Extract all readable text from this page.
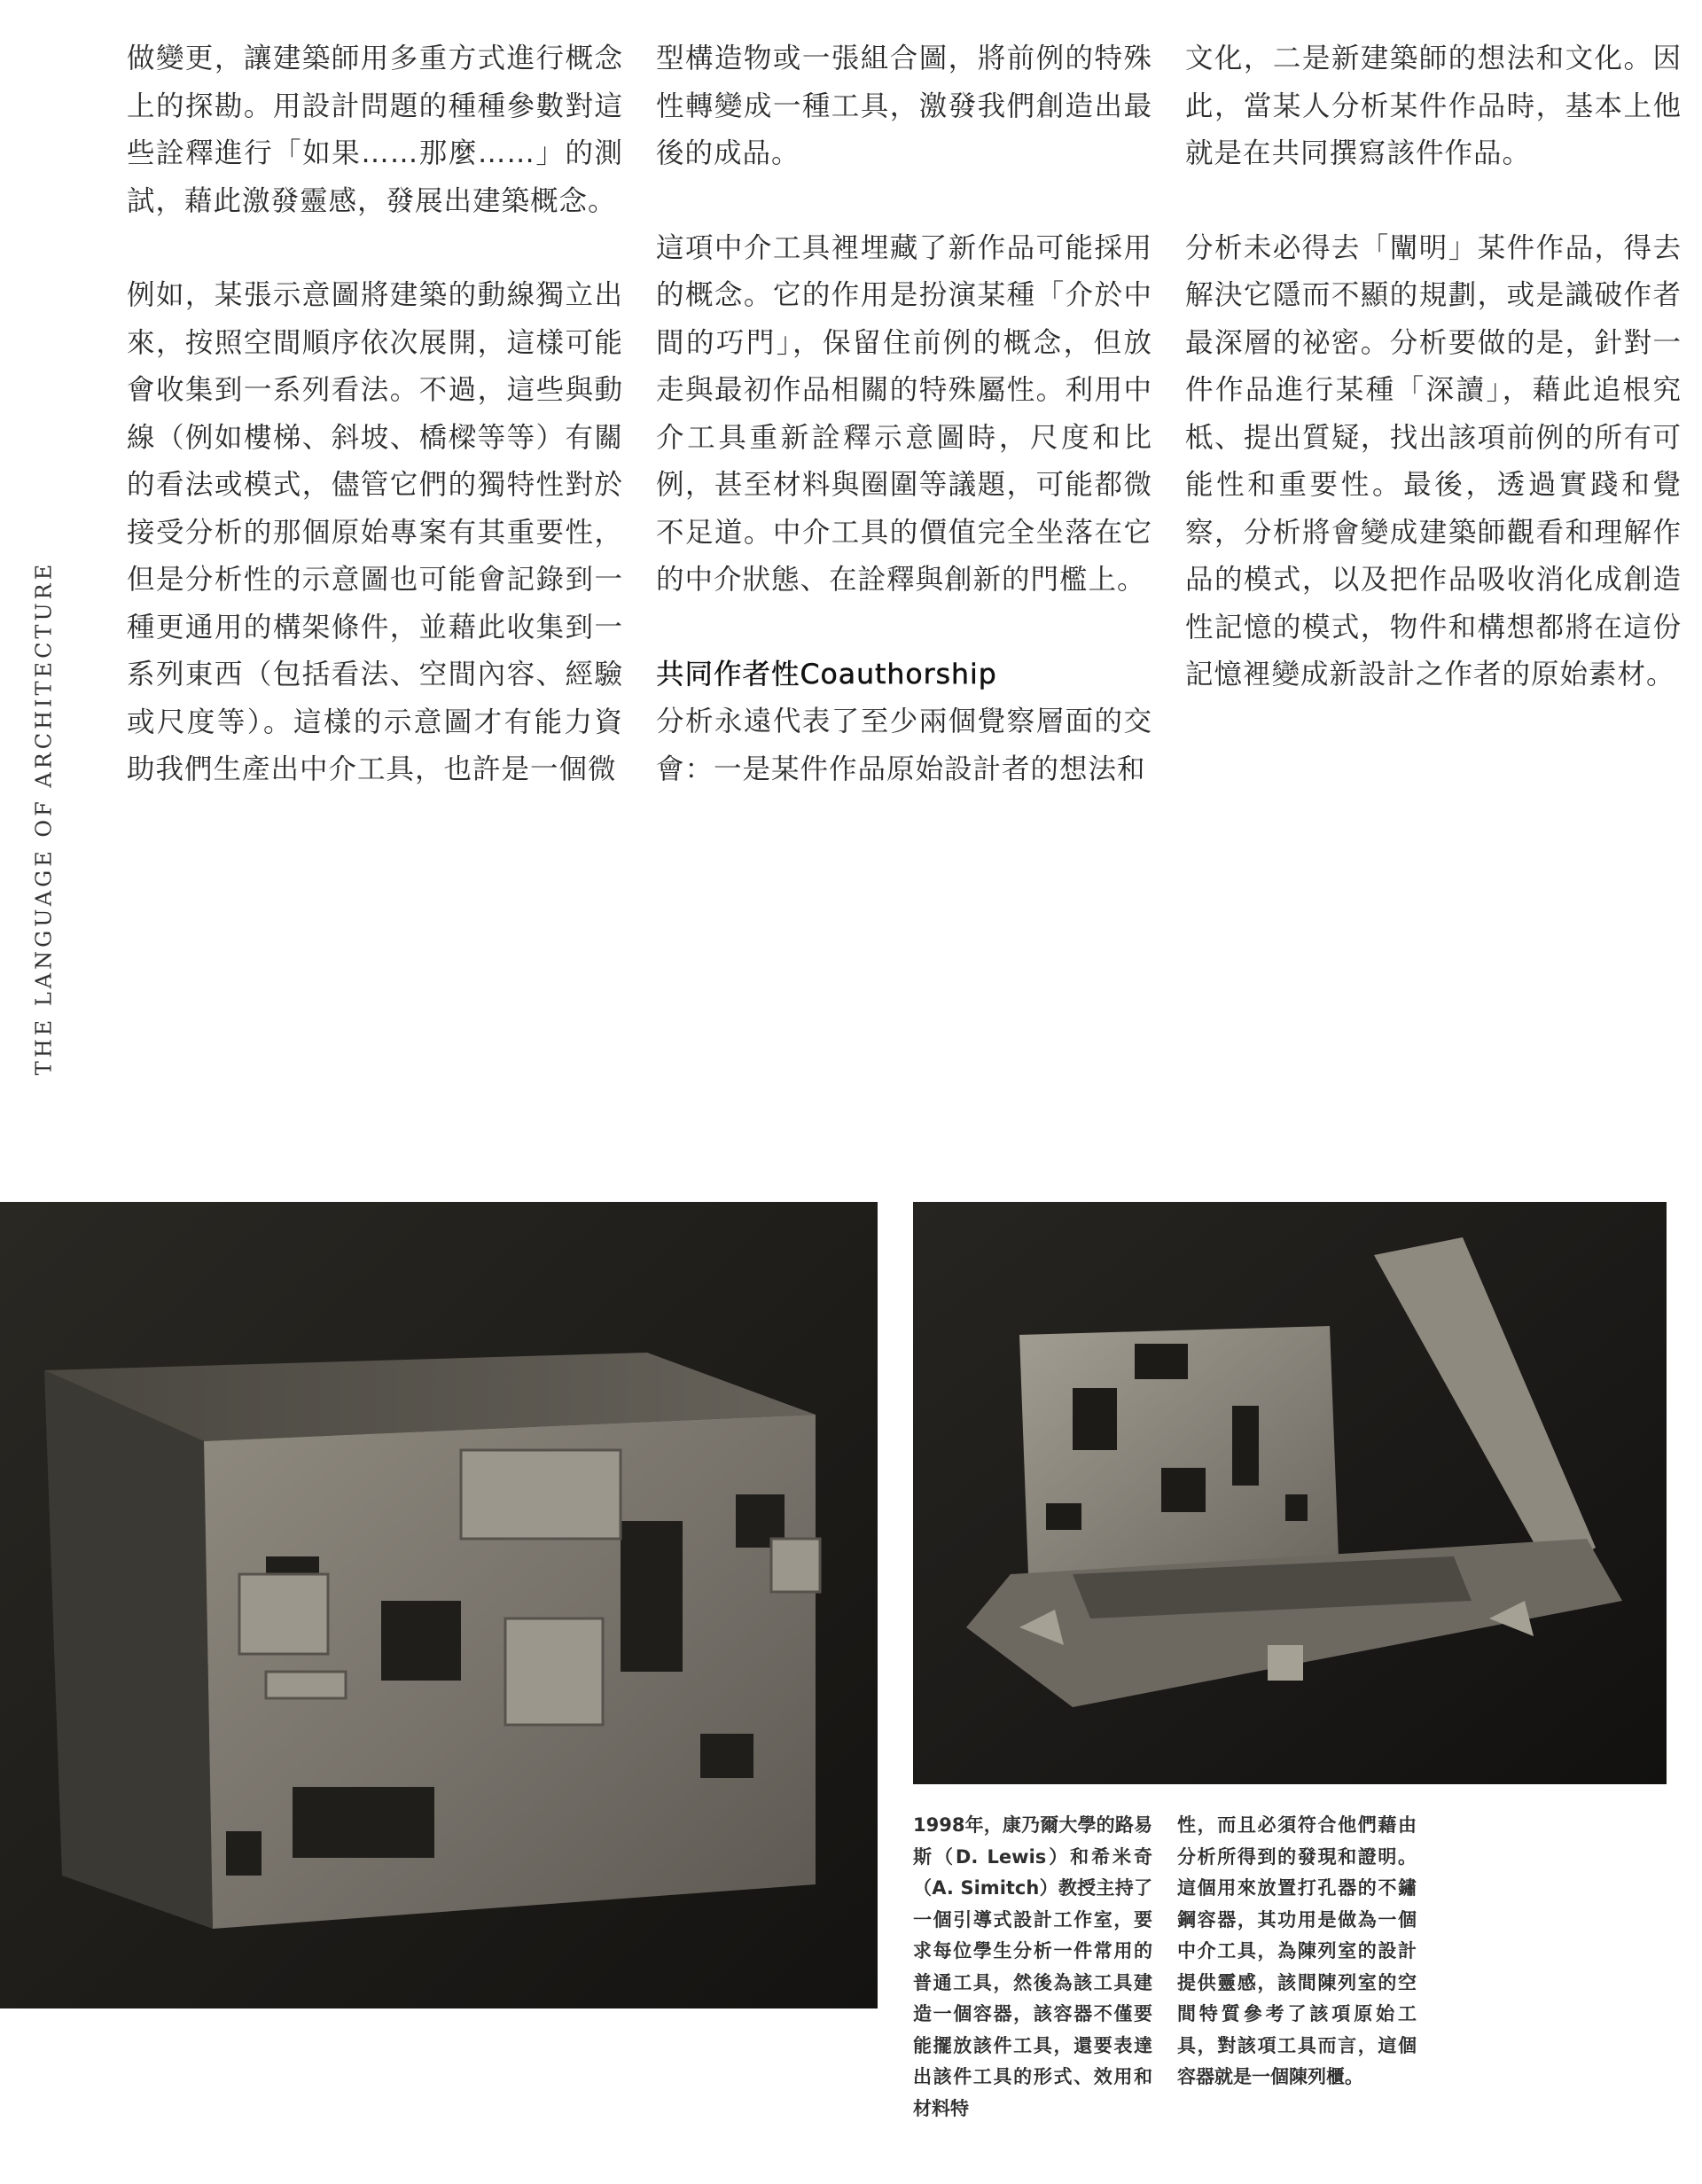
THE LANGUAGE OF ARCHITECTURE

做變更，讓建築師用多重方式進行概念上的探勘。用設計問題的種種參數對這些詮釋進行「如果……那麼……」的測試，藉此激發靈感，發展出建築概念。

例如，某張示意圖將建築的動線獨立出來，按照空間順序依次展開，這樣可能會收集到一系列看法。不過，這些與動線（例如樓梯、斜坡、橋樑等等）有關的看法或模式，儘管它們的獨特性對於接受分析的那個原始專案有其重要性，但是分析性的示意圖也可能會記錄到一種更通用的構架條件，並藉此收集到一系列東西（包括看法、空間內容、經驗或尺度等）。這樣的示意圖才有能力資助我們生產出中介工具，也許是一個微

型構造物或一張組合圖，將前例的特殊性轉變成一種工具，激發我們創造出最後的成品。

這項中介工具裡埋藏了新作品可能採用的概念。它的作用是扮演某種「介於中間的巧門」，保留住前例的概念，但放走與最初作品相關的特殊屬性。利用中介工具重新詮釋示意圖時，尺度和比例，甚至材料與圈圍等議題，可能都微不足道。中介工具的價值完全坐落在它的中介狀態、在詮釋與創新的門檻上。

共同作者性Coauthorship

分析永遠代表了至少兩個覺察層面的交會：一是某件作品原始設計者的想法和

文化，二是新建築師的想法和文化。因此，當某人分析某件作品時，基本上他就是在共同撰寫該件作品。

分析未必得去「闡明」某件作品，得去解決它隱而不顯的規劃，或是識破作者最深層的祕密。分析要做的是，針對一件作品進行某種「深讀」，藉此追根究柢、提出質疑，找出該項前例的所有可能性和重要性。最後，透過實踐和覺察，分析將會變成建築師觀看和理解作品的模式，以及把作品吸收消化成創造性記憶的模式，物件和構想都將在這份記憶裡變成新設計之作者的原始素材。

1998年，康乃爾大學的路易斯（D. Lewis）和希米奇（A. Simitch）教授主持了一個引導式設計工作室，要求每位學生分析一件常用的普通工具，然後為該工具建造一個容器，該容器不僅要能擺放該件工具，還要表達出該件工具的形式、效用和材料特
性，而且必須符合他們藉由分析所得到的發現和證明。這個用來放置打孔器的不鏽鋼容器，其功用是做為一個中介工具，為陳列室的設計提供靈感，該間陳列室的空間特質參考了該項原始工具，對該項工具而言，這個容器就是一個陳列櫃。
